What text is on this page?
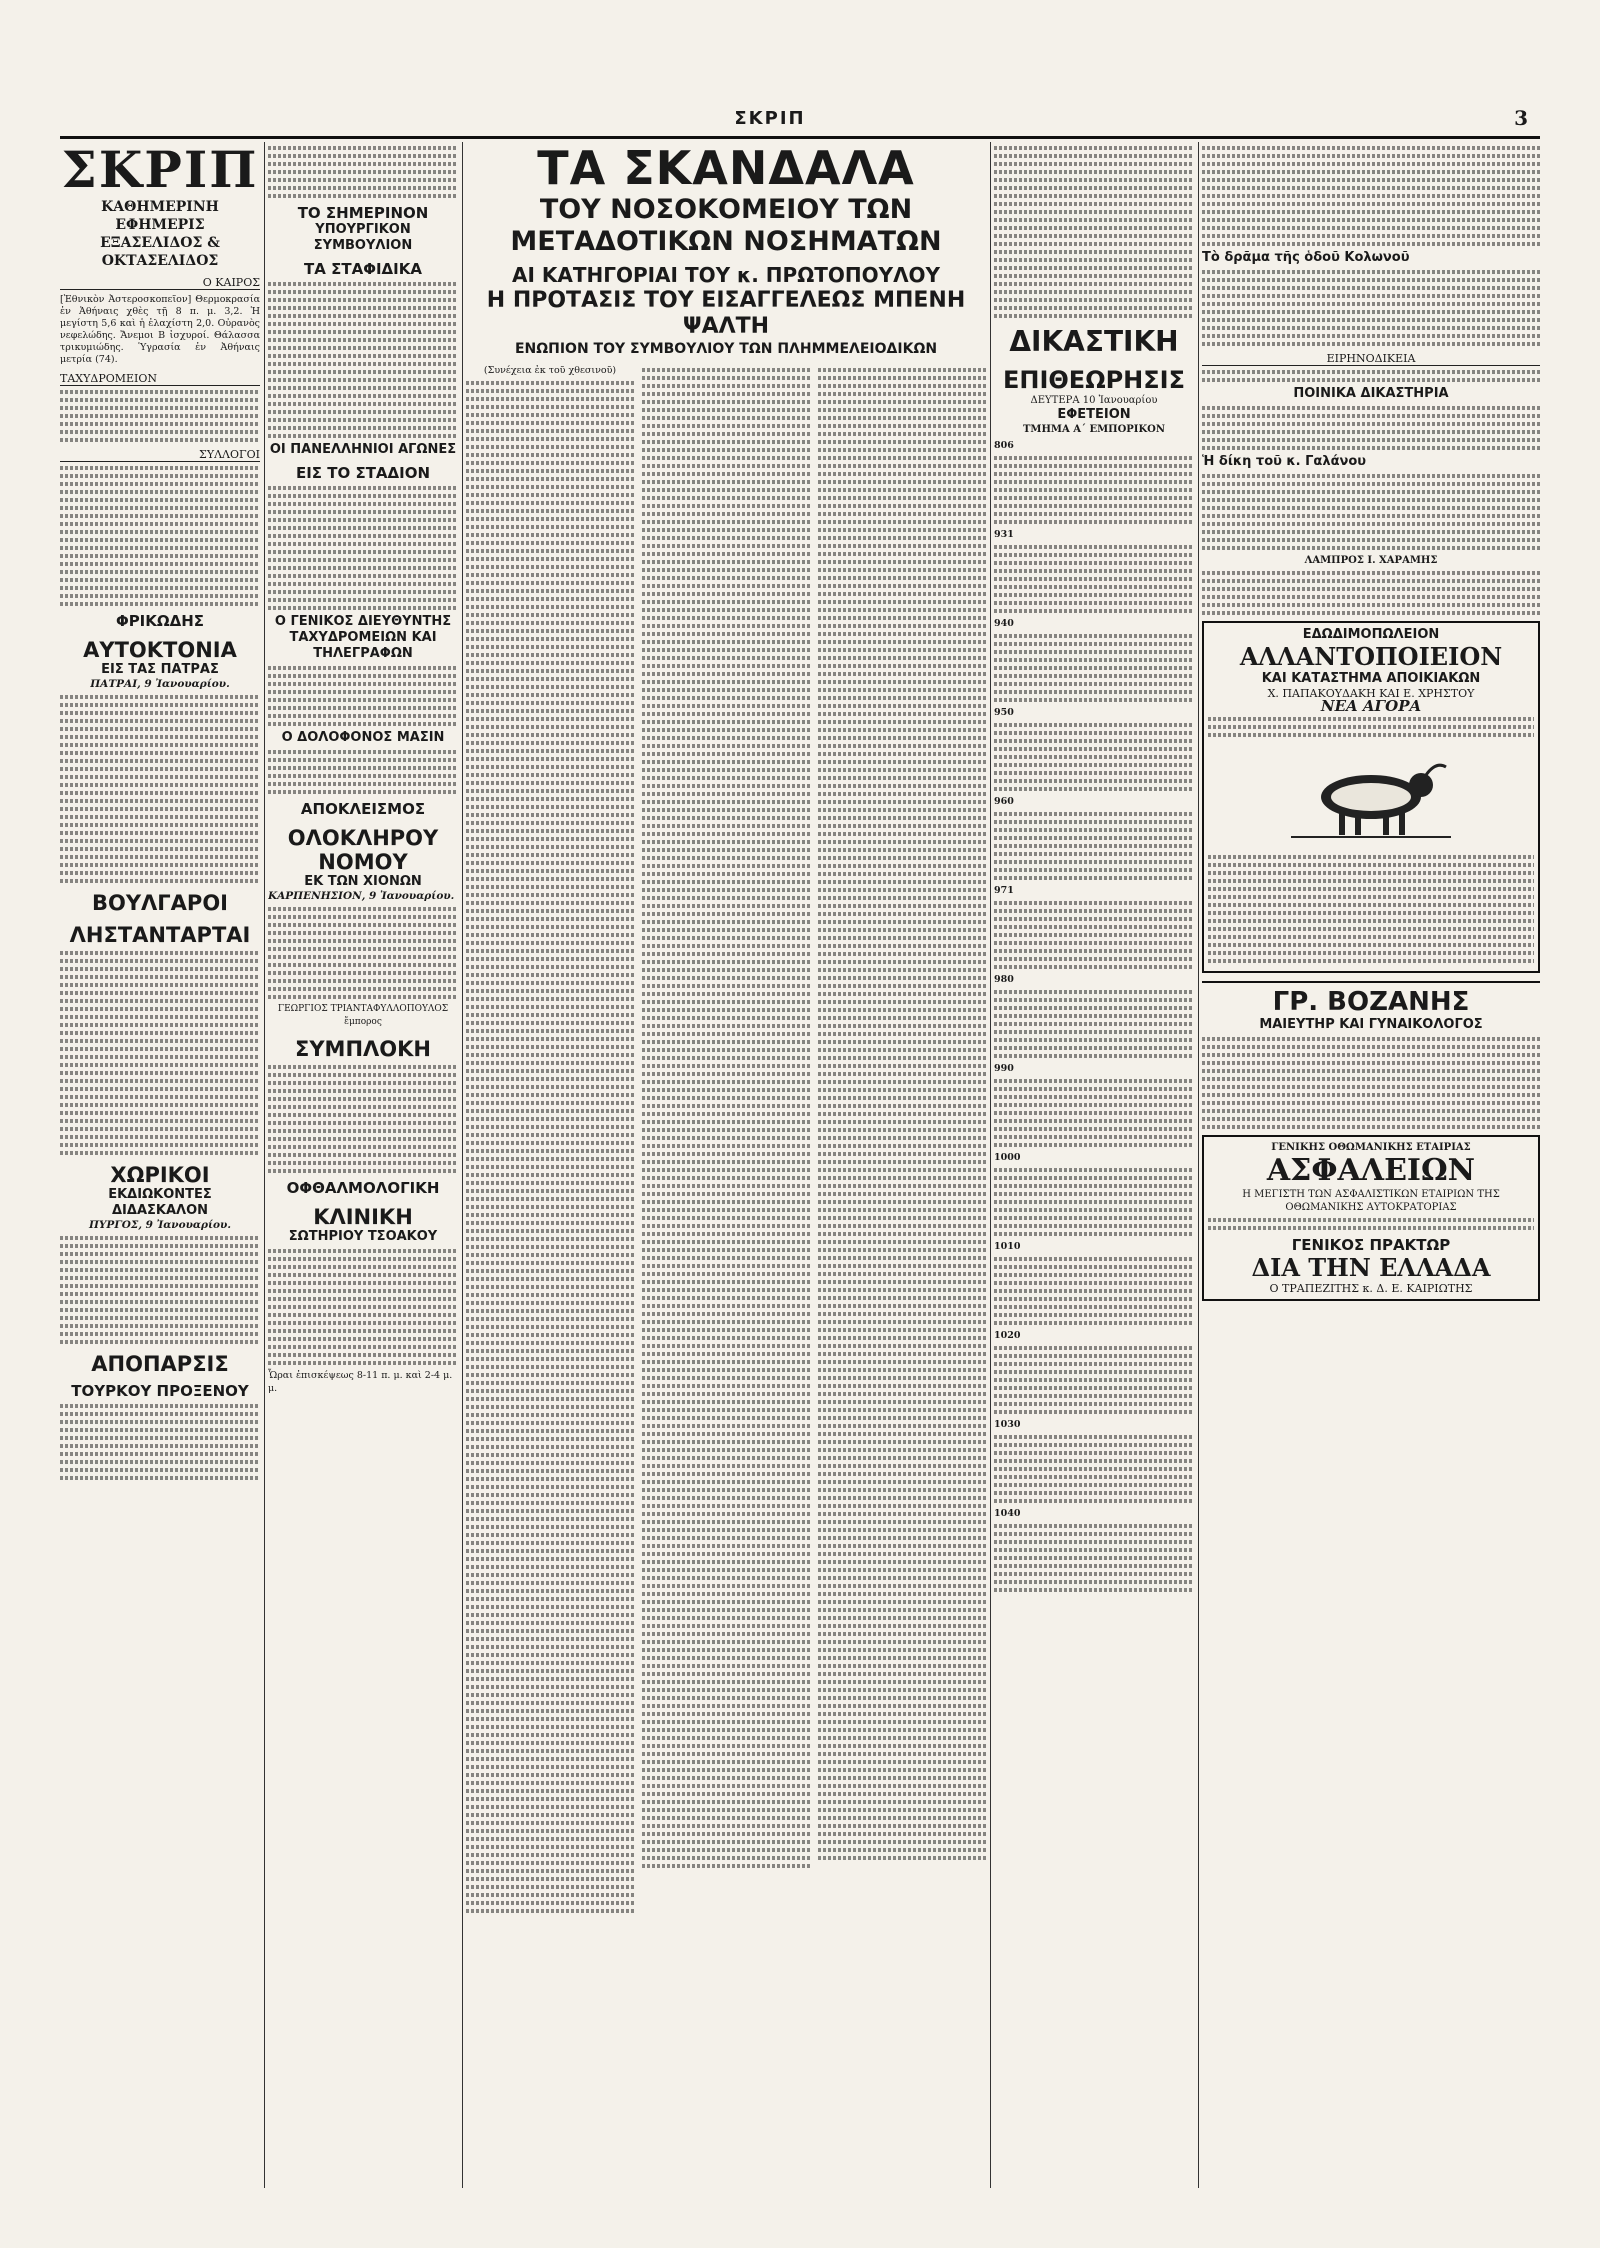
ΣΚΡΙΠ	3
ΣΚΡΙΠ
ΚΑΘΗΜΕΡΙΝΗ ΕΦΗΜΕΡΙΣ
ΕΞΑΣΕΛΙΔΟΣ & ΟΚΤΑΣΕΛΙΔΟΣ
Ο ΚΑΙΡΟΣ
[Ἐθνικὸν Ἀστεροσκοπεῖον] Θερμοκρασία ἐν Ἀθήναις χθὲς τῇ 8 π. μ. 3,2. Ἡ μεγίστη 5,6 καὶ ἡ ἐλαχίστη 2,0. Οὐρανὸς νεφελώδης. Ἄνεμοι Β ἰσχυροί. Θάλασσα τρικυμιώδης. Ὑγρασία ἐν Ἀθήναις μετρία (74).
ΤΑΧΥΔΡΟΜΕΙΟΝ
ΣΥΛΛΟΓΟΙ
ΦΡΙΚΩΔΗΣ
ΑΥΤΟΚΤΟΝΙΑ
ΕΙΣ ΤΑΣ ΠΑΤΡΑΣ
ΠΑΤΡΑΙ, 9 Ἰανουαρίου.
ΒΟΥΛΓΑΡΟΙ
ΛΗΣΤΑΝΤΑΡΤΑΙ
ΧΩΡΙΚΟΙ
ΕΚΔΙΩΚΟΝΤΕΣ ΔΙΔΑΣΚΑΛΟΝ
ΠΥΡΓΟΣ, 9 Ἰανουαρίου.
ΑΠΟΠΑΡΣΙΣ
ΤΟΥΡΚΟΥ ΠΡΟΞΕΝΟΥ
ΤΟ ΣΗΜΕΡΙΝΟΝ
ΥΠΟΥΡΓΙΚΟΝ ΣΥΜΒΟΥΛΙΟΝ
ΤΑ ΣΤΑΦΙΔΙΚΑ
ΟΙ ΠΑΝΕΛΛΗΝΙΟΙ ΑΓΩΝΕΣ
ΕΙΣ ΤΟ ΣΤΑΔΙΟΝ
Ο ΓΕΝΙΚΟΣ ΔΙΕΥΘΥΝΤΗΣ
ΤΑΧΥΔΡΟΜΕΙΩΝ ΚΑΙ ΤΗΛΕΓΡΑΦΩΝ
Ο ΔΟΛΟΦΟΝΟΣ ΜΑΣΙΝ
ΑΠΟΚΛΕΙΣΜΟΣ
ΟΛΟΚΛΗΡΟΥ ΝΟΜΟΥ
ΕΚ ΤΩΝ ΧΙΟΝΩΝ
ΚΑΡΠΕΝΗΣΙΟΝ, 9 Ἰανουαρίου.
ΓΕΩΡΓΙΟΣ ΤΡΙΑΝΤΑΦΥΛΛΟΠΟΥΛΟΣ ἔμπορος
ΣΥΜΠΛΟΚΗ
ΟΦΘΑΛΜΟΛΟΓΙΚΗ
ΚΛΙΝΙΚΗ
ΣΩΤΗΡΙΟΥ ΤΣΟΑΚΟΥ
Ὧραι ἐπισκέψεως 8-11 π. μ. καὶ 2-4 μ. μ.
ΤΑ ΣΚΑΝΔΑΛΑ
ΤΟΥ ΝΟΣΟΚΟΜΕΙΟΥ ΤΩΝ ΜΕΤΑΔΟΤΙΚΩΝ ΝΟΣΗΜΑΤΩΝ
ΑΙ ΚΑΤΗΓΟΡΙΑΙ ΤΟΥ κ. ΠΡΩΤΟΠΟΥΛΟΥ
Η ΠΡΟΤΑΣΙΣ ΤΟΥ ΕΙΣΑΓΓΕΛΕΩΣ ΜΠΕΝΗ ΨΑΛΤΗ
ΕΝΩΠΙΟΝ ΤΟΥ ΣΥΜΒΟΥΛΙΟΥ ΤΩΝ ΠΛΗΜΜΕΛΕΙΟΔΙΚΩΝ
(Συνέχεια ἐκ τοῦ χθεσινοῦ)
ΔΙΚΑΣΤΙΚΗ
ΕΠΙΘΕΩΡΗΣΙΣ
ΔΕΥΤΕΡΑ 10 Ἰανουαρίου
ΕΦΕΤΕΙΟΝ
ΤΜΗΜΑ Α΄ ΕΜΠΟΡΙΚΟΝ
806
931
940
950
960
971
980
990
1000
1010
1020
1030
1040
Τὸ δρᾶμα τῆς ὁδοῦ Κολωνοῦ
ΕΙΡΗΝΟΔΙΚΕΙΑ
ΠΟΙΝΙΚΑ ΔΙΚΑΣΤΗΡΙΑ
Ἡ δίκη τοῦ κ. Γαλάνου
ΛΑΜΠΡΟΣ Ι. ΧΑΡΑΜΗΣ
ΕΔΩΔΙΜΟΠΩΛΕΙΟΝ
ΑΛΛΑΝΤΟΠΟΙΕΙΟΝ
ΚΑΙ ΚΑΤΑΣΤΗΜΑ ΑΠΟΙΚΙΑΚΩΝ
Χ. ΠΑΠΑΚΟΥΔΑΚΗ ΚΑΙ Ε. ΧΡΗΣΤΟΥ
ΝΕΑ ΑΓΟΡΑ
ΓΡ. ΒΟΖΑΝΗΣ
ΜΑΙΕΥΤΗΡ ΚΑΙ ΓΥΝΑΙΚΟΛΟΓΟΣ
ΓΕΝΙΚΗΣ ΟΘΩΜΑΝΙΚΗΣ ΕΤΑΙΡΙΑΣ
ΑΣΦΑΛΕΙΩΝ
Η ΜΕΓΙΣΤΗ ΤΩΝ ΑΣΦΑΛΙΣΤΙΚΩΝ ΕΤΑΙΡΙΩΝ ΤΗΣ ΟΘΩΜΑΝΙΚΗΣ ΑΥΤΟΚΡΑΤΟΡΙΑΣ
ΓΕΝΙΚΟΣ ΠΡΑΚΤΩΡ
ΔΙΑ ΤΗΝ ΕΛΛΑΔΑ
Ο ΤΡΑΠΕΖΙΤΗΣ κ. Δ. Ε. ΚΑΙΡΙΩΤΗΣ
